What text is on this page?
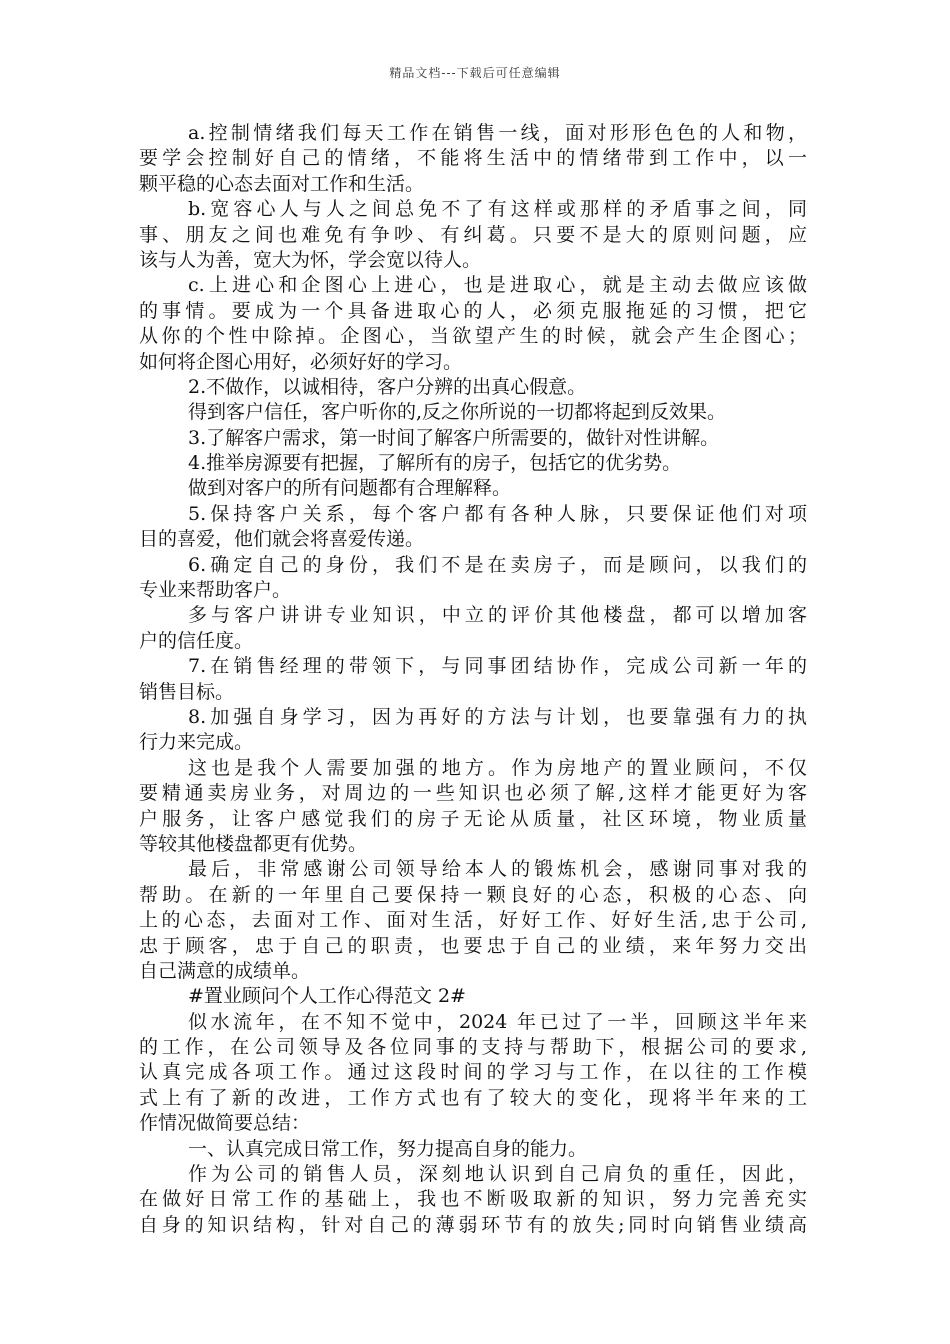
精品文档---下载后可任意编辑
a.控制情绪我们每天工作在销售一线，面对形形色色的人和物，
要学会控制好自己的情绪，不能将生活中的情绪带到工作中，以一
颗平稳的心态去面对工作和生活。
b.宽容心人与人之间总免不了有这样或那样的矛盾事之间，同
事、朋友之间也难免有争吵、有纠葛。只要不是大的原则问题，应
该与人为善，宽大为怀，学会宽以待人。
c.上进心和企图心上进心，也是进取心，就是主动去做应该做
的事情。要成为一个具备进取心的人，必须克服拖延的习惯，把它
从你的个性中除掉。企图心，当欲望产生的时候，就会产生企图心；
如何将企图心用好，必须好好的学习。
2.不做作，以诚相待，客户分辨的出真心假意。
得到客户信任，客户听你的,反之你所说的一切都将起到反效果。
3.了解客户需求，第一时间了解客户所需要的，做针对性讲解。
4.推举房源要有把握，了解所有的房子，包括它的优劣势。
做到对客户的所有问题都有合理解释。
5.保持客户关系，每个客户都有各种人脉，只要保证他们对项
目的喜爱，他们就会将喜爱传递。
6.确定自己的身份，我们不是在卖房子，而是顾问，以我们的
专业来帮助客户。
多与客户讲讲专业知识，中立的评价其他楼盘，都可以增加客
户的信任度。
7.在销售经理的带领下，与同事团结协作，完成公司新一年的
销售目标。
8.加强自身学习，因为再好的方法与计划，也要靠强有力的执
行力来完成。
这也是我个人需要加强的地方。作为房地产的置业顾问，不仅
要精通卖房业务，对周边的一些知识也必须了解,这样才能更好为客
户服务，让客户感觉我们的房子无论从质量，社区环境，物业质量
等较其他楼盘都更有优势。
最后，非常感谢公司领导给本人的锻炼机会，感谢同事对我的
帮助。在新的一年里自己要保持一颗良好的心态，积极的心态、向
上的心态，去面对工作、面对生活，好好工作、好好生活,忠于公司,
忠于顾客，忠于自己的职责，也要忠于自己的业绩，来年努力交出
自己满意的成绩单。
#置业顾问个人工作心得范文 2#
似水流年，在不知不觉中，2024 年已过了一半，回顾这半年来
的工作，在公司领导及各位同事的支持与帮助下，根据公司的要求,
认真完成各项工作。通过这段时间的学习与工作，在以往的工作模
式上有了新的改进，工作方式也有了较大的变化，现将半年来的工
作情况做简要总结：
一、认真完成日常工作，努力提高自身的能力。
作为公司的销售人员，深刻地认识到自己肩负的重任，因此，
在做好日常工作的基础上，我也不断吸取新的知识，努力完善充实
自身的知识结构，针对自己的薄弱环节有的放失;同时向销售业绩高
